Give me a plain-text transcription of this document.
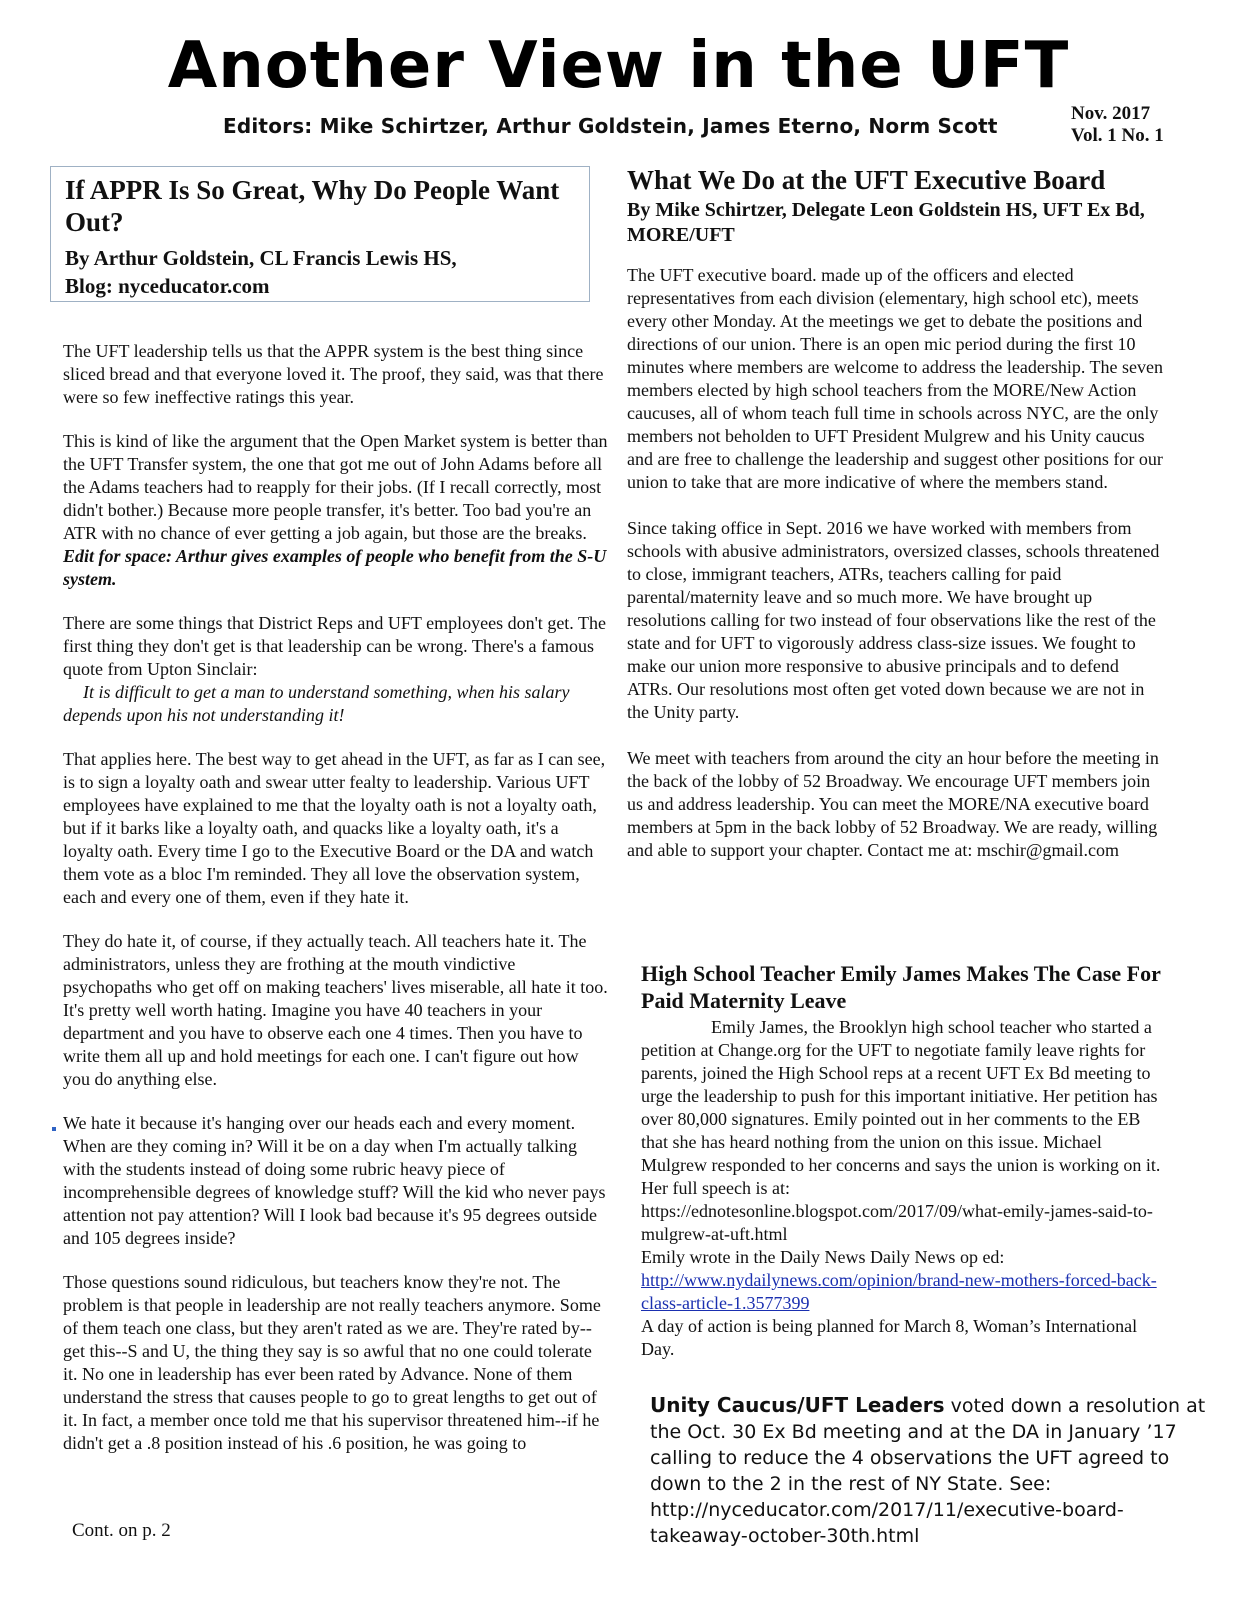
Another View in the UFT
Editors: Mike Schirtzer, Arthur Goldstein, James Eterno, Norm Scott
Nov. 2017
Vol. 1 No. 1
If APPR Is So Great, Why Do People Want Out?
By Arthur Goldstein, CL Francis Lewis HS,
Blog: nyceducator.com

The UFT leadership tells us that the APPR system is the best thing since sliced bread and that everyone loved it. The proof, they said, was that there were so few ineffective ratings this year.

This is kind of like the argument that the Open Market system is better than the UFT Transfer system, the one that got me out of John Adams before all the Adams teachers had to reapply for their jobs. (If I recall correctly, most didn't bother.) Because more people transfer, it's better. Too bad you're an ATR with no chance of ever getting a job again, but those are the breaks.
Edit for space: Arthur gives examples of people who benefit from the S-U system.

There are some things that District Reps and UFT employees don't get. The first thing they don't get is that leadership can be wrong. There's a famous quote from Upton Sinclair:
It is difficult to get a man to understand something, when his salary depends upon his not understanding it!

That applies here. The best way to get ahead in the UFT, as far as I can see, is to sign a loyalty oath and swear utter fealty to leadership. Various UFT employees have explained to me that the loyalty oath is not a loyalty oath, but if it barks like a loyalty oath, and quacks like a loyalty oath, it's a loyalty oath. Every time I go to the Executive Board or the DA and watch them vote as a bloc I'm reminded. They all love the observation system, each and every one of them, even if they hate it.

They do hate it, of course, if they actually teach. All teachers hate it. The administrators, unless they are frothing at the mouth vindictive psychopaths who get off on making teachers' lives miserable, all hate it too. It's pretty well worth hating. Imagine you have 40 teachers in your department and you have to observe each one 4 times. Then you have to write them all up and hold meetings for each one. I can't figure out how you do anything else.

We hate it because it's hanging over our heads each and every moment. When are they coming in? Will it be on a day when I'm actually talking with the students instead of doing some rubric heavy piece of incomprehensible degrees of knowledge stuff? Will the kid who never pays attention not pay attention? Will I look bad because it's 95 degrees outside and 105 degrees inside?

Those questions sound ridiculous, but teachers know they're not. The problem is that people in leadership are not really teachers anymore. Some of them teach one class, but they aren't rated as we are. They're rated by--get this--S and U, the thing they say is so awful that no one could tolerate it. No one in leadership has ever been rated by Advance. None of them understand the stress that causes people to go to great lengths to get out of it. In fact, a member once told me that his supervisor threatened him--if he didn't get a .8 position instead of his .6 position, he was going to

Cont. on p. 2
What We Do at the UFT Executive Board
By Mike Schirtzer, Delegate Leon Goldstein HS, UFT Ex Bd, MORE/UFT

The UFT executive board. made up of the officers and elected representatives from each division (elementary, high school etc), meets every other Monday. At the meetings we get to debate the positions and directions of our union. There is an open mic period during the first 10 minutes where members are welcome to address the leadership. The seven members elected by high school teachers from the MORE/New Action caucuses, all of whom teach full time in schools across NYC, are the only members not beholden to UFT President Mulgrew and his Unity caucus and are free to challenge the leadership and suggest other positions for our union to take that are more indicative of where the members stand.

Since taking office in Sept. 2016 we have worked with members from schools with abusive administrators, oversized classes, schools threatened to close, immigrant teachers, ATRs, teachers calling for paid parental/maternity leave and so much more. We have brought up resolutions calling for two instead of four observations like the rest of the state and for UFT to vigorously address class-size issues. We fought to make our union more responsive to abusive principals and to defend ATRs. Our resolutions most often get voted down because we are not in the Unity party.

We meet with teachers from around the city an hour before the meeting in the back of the lobby of 52 Broadway. We encourage UFT members join us and address leadership. You can meet the MORE/NA executive board members at 5pm in the back lobby of 52 Broadway. We are ready, willing and able to support your chapter. Contact me at: mschir@gmail.com

High School Teacher Emily James Makes The Case For Paid Maternity Leave
Emily James, the Brooklyn high school teacher who started a petition at Change.org for the UFT to negotiate family leave rights for parents, joined the High School reps at a recent UFT Ex Bd meeting to urge the leadership to push for this important initiative. Her petition has over 80,000 signatures. Emily pointed out in her comments to the EB that she has heard nothing from the union on this issue. Michael Mulgrew responded to her concerns and says the union is working on it. Her full speech is at:
https://ednotesonline.blogspot.com/2017/09/what-emily-james-said-to-mulgrew-at-uft.html
Emily wrote in the Daily News Daily News op ed:
http://www.nydailynews.com/opinion/brand-new-mothers-forced-back-class-article-1.3577399
A day of action is being planned for March 8, Woman’s International Day.
Unity Caucus/UFT Leaders voted down a resolution at the Oct. 30 Ex Bd meeting and at the DA in January ’17 calling to reduce the 4 observations the UFT agreed to down to the 2 in the rest of NY State. See: http://nyceducator.com/2017/11/executive-board-takeaway-october-30th.html
